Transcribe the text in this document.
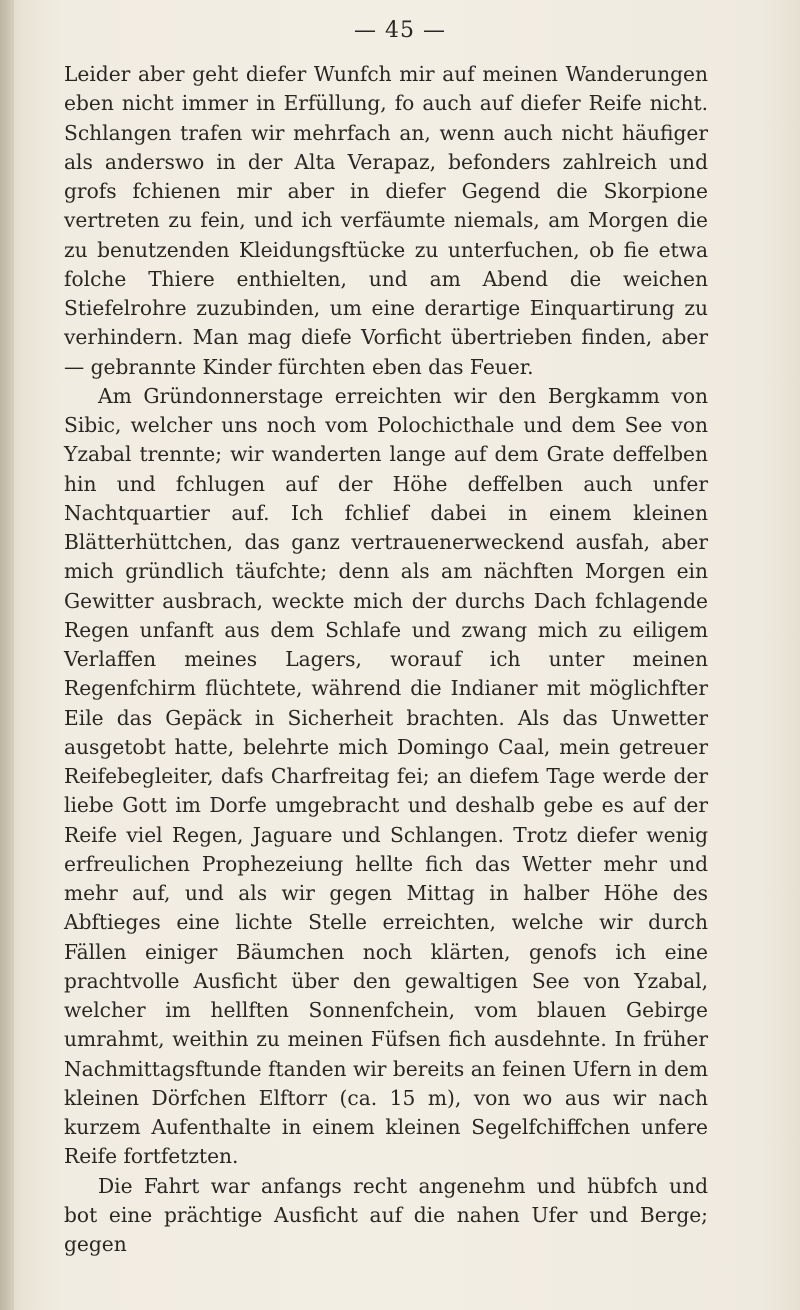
— 45 —

Leider aber geht diefer Wunfch mir auf meinen Wanderungen eben nicht immer in Erfüllung, fo auch auf diefer Reife nicht. Schlangen trafen wir mehrfach an, wenn auch nicht häufiger als anderswo in der Alta Verapaz, befonders zahlreich und grofs fchienen mir aber in diefer Gegend die Skorpione vertreten zu fein, und ich verfäumte niemals, am Morgen die zu benutzenden Kleidungsftücke zu unterfuchen, ob fie etwa folche Thiere enthielten, und am Abend die weichen Stiefelrohre zuzubinden, um eine derartige Einquartirung zu verhindern. Man mag diefe Vorficht übertrieben finden, aber — gebrannte Kinder fürchten eben das Feuer.

Am Gründonnerstage erreichten wir den Bergkamm von Sibic, welcher uns noch vom Polochicthale und dem See von Yzabal trennte; wir wanderten lange auf dem Grate deffelben hin und fchlugen auf der Höhe deffelben auch unfer Nachtquartier auf. Ich fchlief dabei in einem kleinen Blätterhüttchen, das ganz vertrauenerweckend ausfah, aber mich gründlich täufchte; denn als am nächften Morgen ein Gewitter ausbrach, weckte mich der durchs Dach fchlagende Regen unfanft aus dem Schlafe und zwang mich zu eiligem Verlaffen meines Lagers, worauf ich unter meinen Regenfchirm flüchtete, während die Indianer mit möglichfter Eile das Gepäck in Sicherheit brachten. Als das Unwetter ausgetobt hatte, belehrte mich Domingo Caal, mein getreuer Reifebegleiter, dafs Charfreitag fei; an diefem Tage werde der liebe Gott im Dorfe umgebracht und deshalb gebe es auf der Reife viel Regen, Jaguare und Schlangen. Trotz diefer wenig erfreulichen Prophezeiung hellte fich das Wetter mehr und mehr auf, und als wir gegen Mittag in halber Höhe des Abftieges eine lichte Stelle erreichten, welche wir durch Fällen einiger Bäumchen noch klärten, genofs ich eine prachtvolle Ausficht über den gewaltigen See von Yzabal, welcher im hellften Sonnenfchein, vom blauen Gebirge umrahmt, weithin zu meinen Füfsen fich ausdehnte. In früher Nachmittagsftunde ftanden wir bereits an feinen Ufern in dem kleinen Dörfchen Elftorr (ca. 15 m), von wo aus wir nach kurzem Aufenthalte in einem kleinen Segelfchiffchen unfere Reife fortfetzten.

Die Fahrt war anfangs recht angenehm und hübfch und bot eine prächtige Ausficht auf die nahen Ufer und Berge; gegen
